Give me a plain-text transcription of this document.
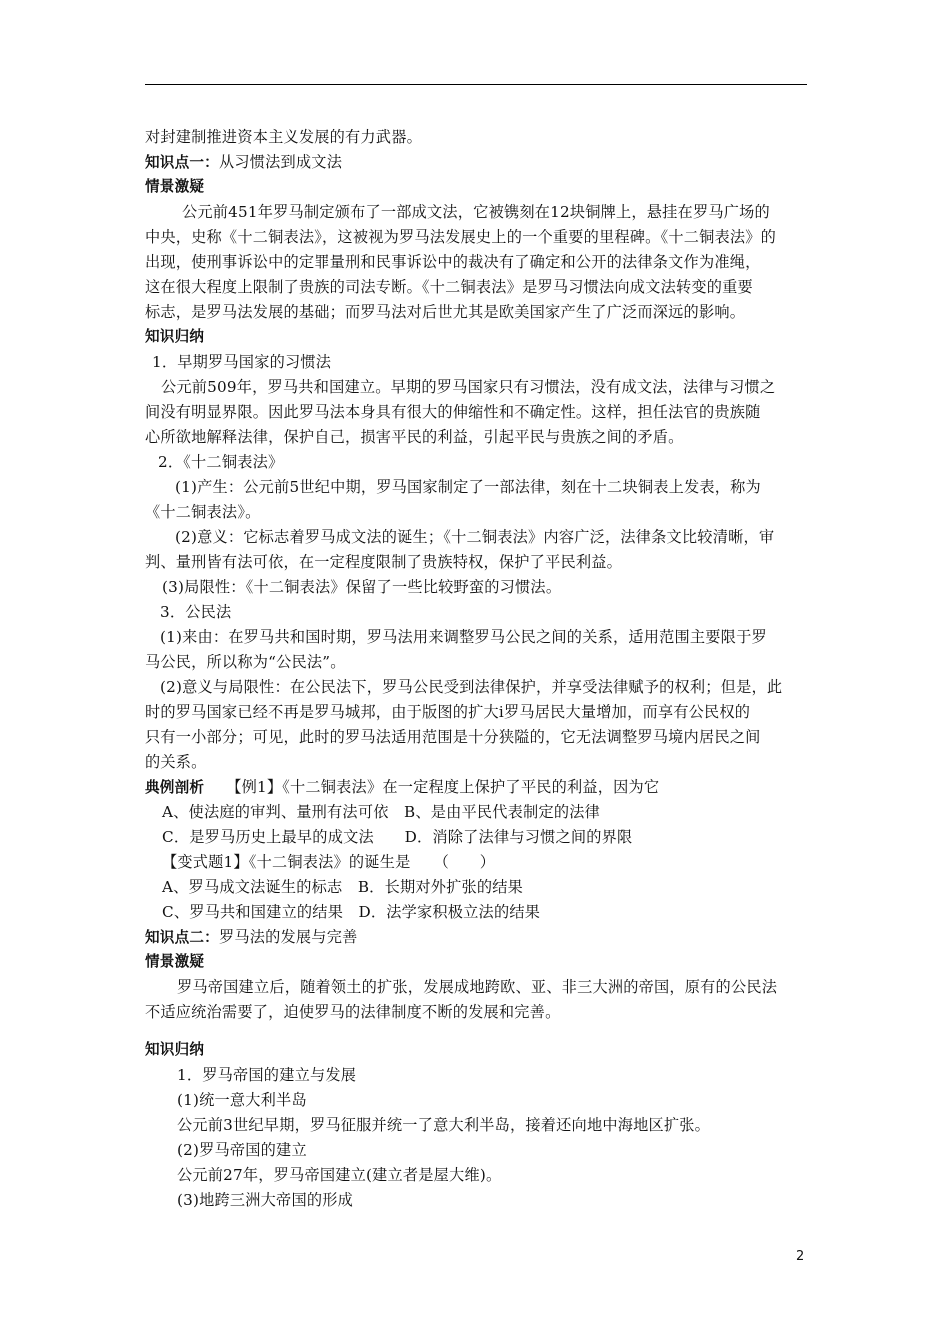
对封建制推进资本主义发展的有力武器。
知识点一：从习惯法到成文法
情景激疑
公元前451年罗马制定颁布了一部成文法，它被镌刻在12块铜牌上，悬挂在罗马广场的
中央，史称《十二铜表法》，这被视为罗马法发展史上的一个重要的里程碑。《十二铜表法》的
出现，使刑事诉讼中的定罪量刑和民事诉讼中的裁决有了确定和公开的法律条文作为准绳，
这在很大程度上限制了贵族的司法专断。《十二铜表法》是罗马习惯法向成文法转变的重要
标志，是罗马法发展的基础；而罗马法对后世尤其是欧美国家产生了广泛而深远的影响。
知识归纳
1．早期罗马国家的习惯法
公元前509年，罗马共和国建立。早期的罗马国家只有习惯法，没有成文法，法律与习惯之
间没有明显界限。因此罗马法本身具有很大的伸缩性和不确定性。这样，担任法官的贵族随
心所欲地解释法律，保护自己，损害平民的利益，引起平民与贵族之间的矛盾。
2．《十二铜表法》
(1)产生：公元前5世纪中期，罗马国家制定了一部法律，刻在十二块铜表上发表，称为
《十二铜表法》。
(2)意义：它标志着罗马成文法的诞生；《十二铜表法》内容广泛，法律条文比较清晰，审
判、量刑皆有法可依，在一定程度限制了贵族特权，保护了平民利益。
(3)局限性：《十二铜表法》保留了一些比较野蛮的习惯法。
3．公民法
(1)来由：在罗马共和国时期，罗马法用来调整罗马公民之间的关系，适用范围主要限于罗
马公民，所以称为“公民法”。
(2)意义与局限性：在公民法下，罗马公民受到法律保护，并享受法律赋予的权利；但是，此
时的罗马国家已经不再是罗马城邦，由于版图的扩大i罗马居民大量增加，而享有公民权的
只有一小部分；可见，此时的罗马法适用范围是十分狭隘的，它无法调整罗马境内居民之间
的关系。
典例剖析 【例1】《十二铜表法》在一定程度上保护了平民的利益，因为它
A、使法庭的审判、量刑有法可依　B、是由平民代表制定的法律
C．是罗马历史上最早的成文法　　D．消除了法律与习惯之间的界限
【变式题1】《十二铜表法》的诞生是　　（　　）
A、罗马成文法诞生的标志　B．长期对外扩张的结果
C、罗马共和国建立的结果　D．法学家积极立法的结果
知识点二：罗马法的发展与完善
情景激疑
罗马帝国建立后，随着领土的扩张，发展成地跨欧、亚、非三大洲的帝国，原有的公民法
不适应统治需要了，迫使罗马的法律制度不断的发展和完善。
知识归纳
1．罗马帝国的建立与发展
(1)统一意大利半岛
公元前3世纪早期，罗马征服并统一了意大利半岛，接着还向地中海地区扩张。
(2)罗马帝国的建立
公元前27年，罗马帝国建立(建立者是屋大维)。
(3)地跨三洲大帝国的形成
2
